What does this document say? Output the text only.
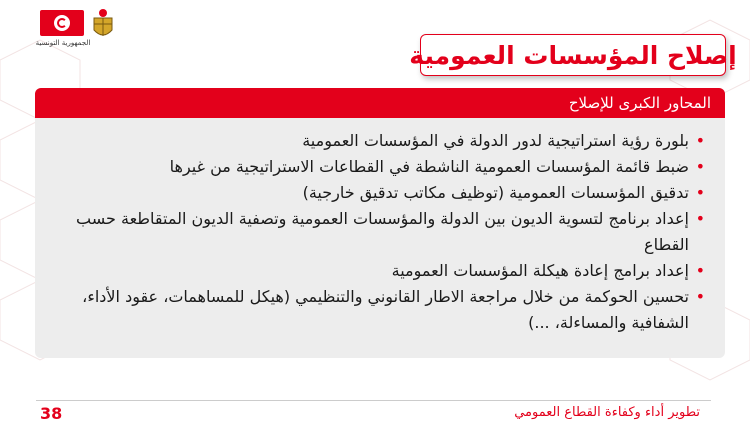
الجمهورية التونسية	إصلاح المؤسسات العمومية
المحاور الكبرى للإصلاح
•
بلورة رؤية استراتيجية لدور الدولة في المؤسسات العمومية
•
ضبط قائمة المؤسسات العمومية الناشطة في القطاعات الاستراتيجية من غيرها
•
تدقيق المؤسسات العمومية (توظيف مكاتب تدقيق خارجية)
•
إعداد برنامج لتسوية الديون بين الدولة والمؤسسات العمومية وتصفية الديون المتقاطعة حسب القطاع
•
إعداد برامج إعادة هيكلة المؤسسات العمومية
•
تحسين الحوكمة من خلال مراجعة الاطار القانوني والتنظيمي (هيكل للمساهمات، عقود الأداء، الشفافية والمساءلة، ...)
تطوير أداء وكفاءة القطاع العمومي
38
